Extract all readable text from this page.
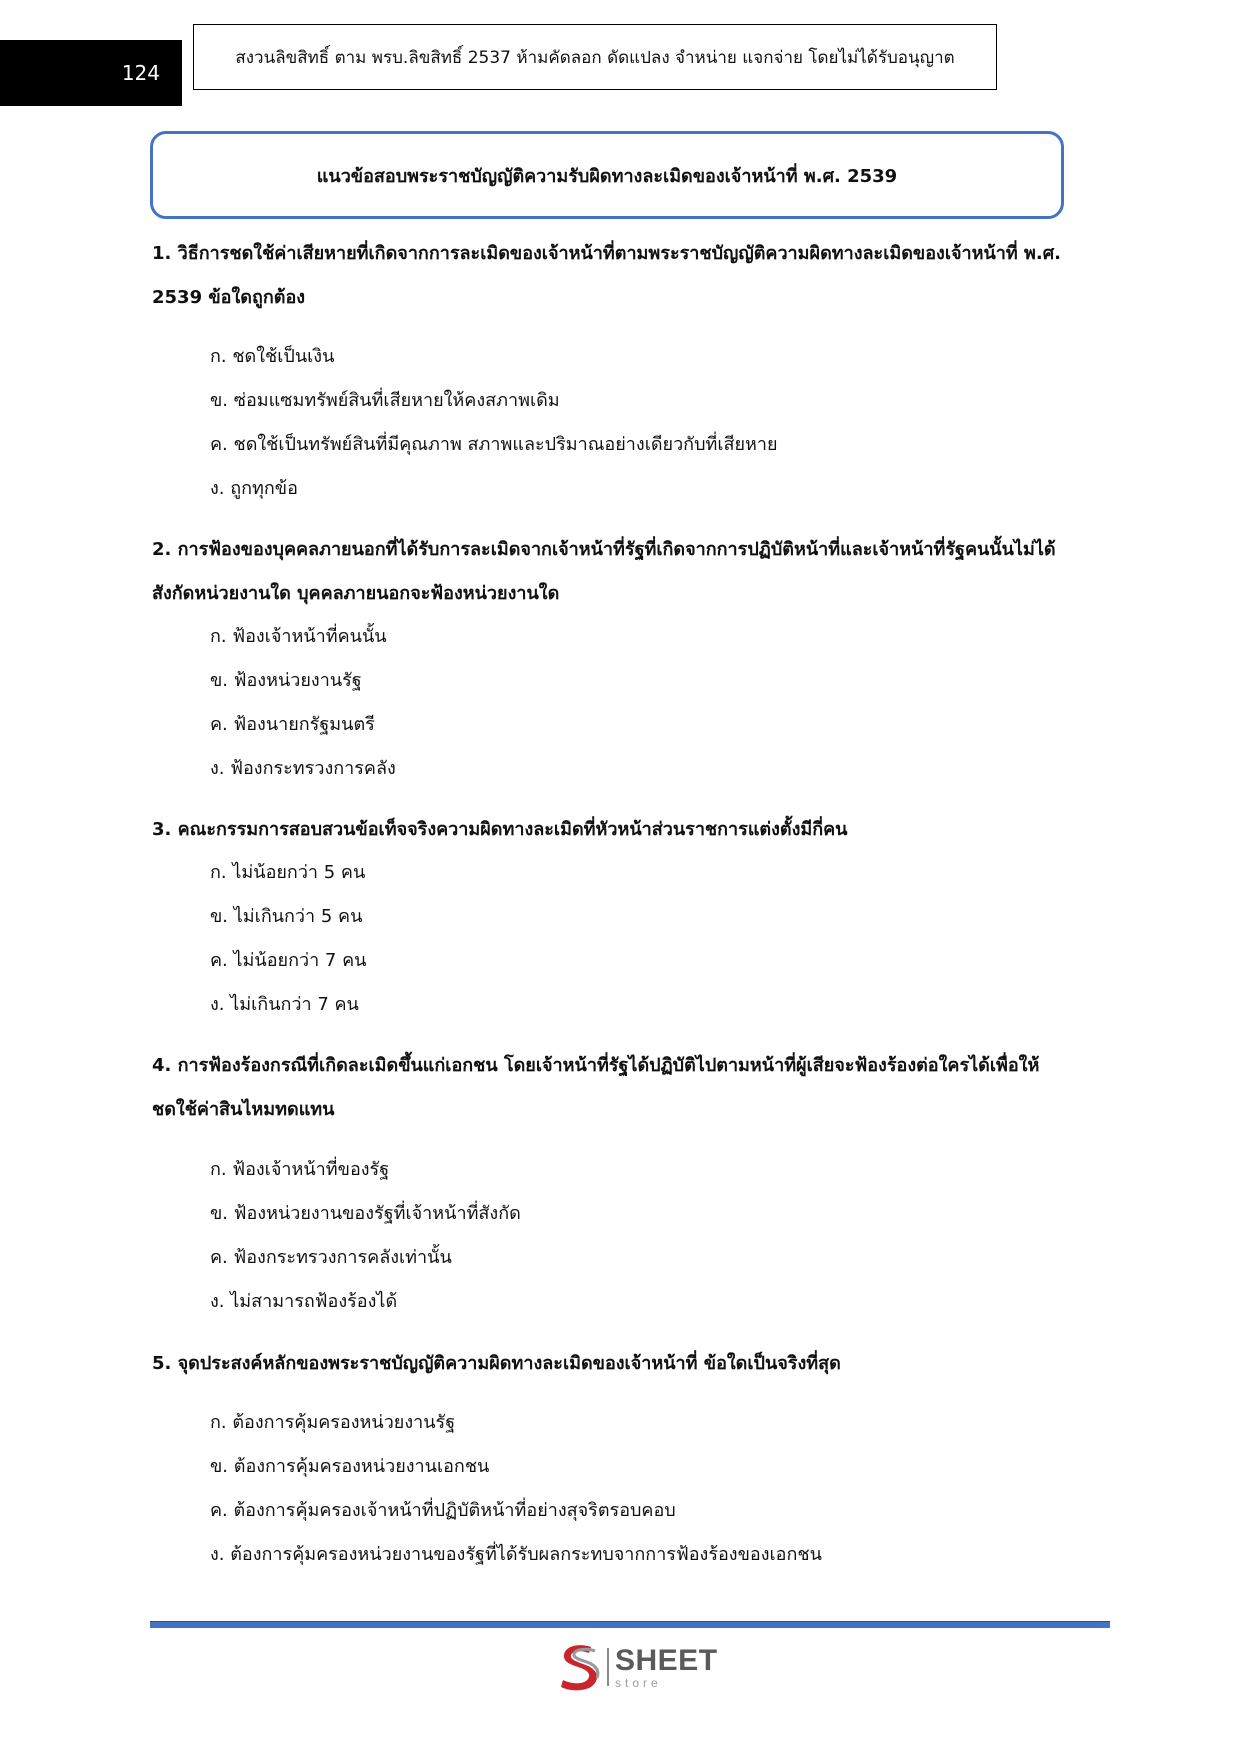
124
สงวนลิขสิทธิ์ ตาม พรบ.ลิขสิทธิ์ 2537 ห้ามคัดลอก ดัดแปลง จำหน่าย แจกจ่าย โดยไม่ได้รับอนุญาต
แนวข้อสอบพระราชบัญญัติความรับผิดทางละเมิดของเจ้าหน้าที่ พ.ศ. 2539
1. วิธีการชดใช้ค่าเสียหายที่เกิดจากการละเมิดของเจ้าหน้าที่ตามพระราชบัญญัติความผิดทางละเมิดของเจ้าหน้าที่ พ.ศ. 2539 ข้อใดถูกต้อง
ก. ชดใช้เป็นเงิน
ข. ซ่อมแซมทรัพย์สินที่เสียหายให้คงสภาพเดิม
ค. ชดใช้เป็นทรัพย์สินที่มีคุณภาพ สภาพและปริมาณอย่างเดียวกับที่เสียหาย
ง. ถูกทุกข้อ
2. การฟ้องของบุคคลภายนอกที่ได้รับการละเมิดจากเจ้าหน้าที่รัฐที่เกิดจากการปฏิบัติหน้าที่และเจ้าหน้าที่รัฐคนนั้นไม่ได้สังกัดหน่วยงานใด บุคคลภายนอกจะฟ้องหน่วยงานใด
ก. ฟ้องเจ้าหน้าที่คนนั้น
ข. ฟ้องหน่วยงานรัฐ
ค. ฟ้องนายกรัฐมนตรี
ง. ฟ้องกระทรวงการคลัง
3. คณะกรรมการสอบสวนข้อเท็จจริงความผิดทางละเมิดที่หัวหน้าส่วนราชการแต่งตั้งมีกี่คน
ก. ไม่น้อยกว่า 5 คน
ข. ไม่เกินกว่า 5 คน
ค. ไม่น้อยกว่า 7 คน
ง. ไม่เกินกว่า 7 คน
4. การฟ้องร้องกรณีที่เกิดละเมิดขึ้นแก่เอกชน โดยเจ้าหน้าที่รัฐได้ปฏิบัติไปตามหน้าที่ผู้เสียจะฟ้องร้องต่อใครได้เพื่อให้ชดใช้ค่าสินไหมทดแทน
ก. ฟ้องเจ้าหน้าที่ของรัฐ
ข. ฟ้องหน่วยงานของรัฐที่เจ้าหน้าที่สังกัด
ค. ฟ้องกระทรวงการคลังเท่านั้น
ง. ไม่สามารถฟ้องร้องได้
5. จุดประสงค์หลักของพระราชบัญญัติความผิดทางละเมิดของเจ้าหน้าที่ ข้อใดเป็นจริงที่สุด
ก. ต้องการคุ้มครองหน่วยงานรัฐ
ข. ต้องการคุ้มครองหน่วยงานเอกชน
ค. ต้องการคุ้มครองเจ้าหน้าที่ปฏิบัติหน้าที่อย่างสุจริตรอบคอบ
ง. ต้องการคุ้มครองหน่วยงานของรัฐที่ได้รับผลกระทบจากการฟ้องร้องของเอกชน
SHEET
store
